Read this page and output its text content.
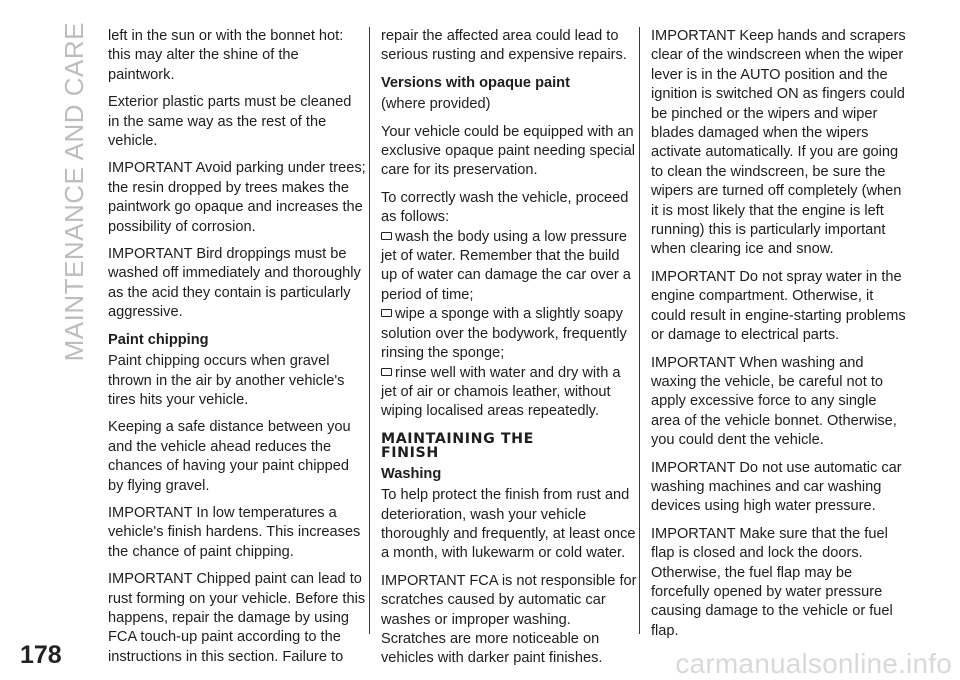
MAINTENANCE AND CARE left in the sun or with the bonnet hot: this may alter the shine of the paintwork.

Exterior plastic parts must be cleaned in the same way as the rest of the vehicle.

IMPORTANT Avoid parking under trees; the resin dropped by trees makes the paintwork go opaque and increases the possibility of corrosion.

IMPORTANT Bird droppings must be washed off immediately and thoroughly as the acid they contain is particularly aggressive.

Paint chipping

Paint chipping occurs when gravel thrown in the air by another vehicle's tires hits your vehicle.

Keeping a safe distance between you and the vehicle ahead reduces the chances of having your paint chipped by flying gravel.

IMPORTANT In low temperatures a vehicle's finish hardens. This increases the chance of paint chipping.

IMPORTANT Chipped paint can lead to rust forming on your vehicle. Before this happens, repair the damage by using FCA touch-up paint according to the instructions in this section. Failure to

repair the affected area could lead to serious rusting and expensive repairs.

Versions with opaque paint

(where provided)

Your vehicle could be equipped with an exclusive opaque paint needing special care for its preservation.

To correctly wash the vehicle, proceed as follows:

wash the body using a low pressure jet of water. Remember that the build up of water can damage the car over a period of time;

wipe a sponge with a slightly soapy solution over the bodywork, frequently rinsing the sponge;

rinse well with water and dry with a jet of air or chamois leather, without wiping localised areas repeatedly.

MAINTAINING THE
FINISH

Washing

To help protect the finish from rust and deterioration, wash your vehicle thoroughly and frequently, at least once a month, with lukewarm or cold water.

IMPORTANT FCA is not responsible for scratches caused by automatic car washes or improper washing. Scratches are more noticeable on vehicles with darker paint finishes.

IMPORTANT Keep hands and scrapers clear of the windscreen when the wiper lever is in the AUTO position and the ignition is switched ON as fingers could be pinched or the wipers and wiper blades damaged when the wipers activate automatically. If you are going to clean the windscreen, be sure the wipers are turned off completely (when it is most likely that the engine is left running) this is particularly important when clearing ice and snow.

IMPORTANT Do not spray water in the engine compartment. Otherwise, it could result in engine-starting problems or damage to electrical parts.

IMPORTANT When washing and waxing the vehicle, be careful not to apply excessive force to any single area of the vehicle bonnet. Otherwise, you could dent the vehicle.

IMPORTANT Do not use automatic car washing machines and car washing devices using high water pressure.

IMPORTANT Make sure that the fuel flap is closed and lock the doors. Otherwise, the fuel flap may be forcefully opened by water pressure causing damage to the vehicle or fuel flap.

178	carmanualsonline.info
